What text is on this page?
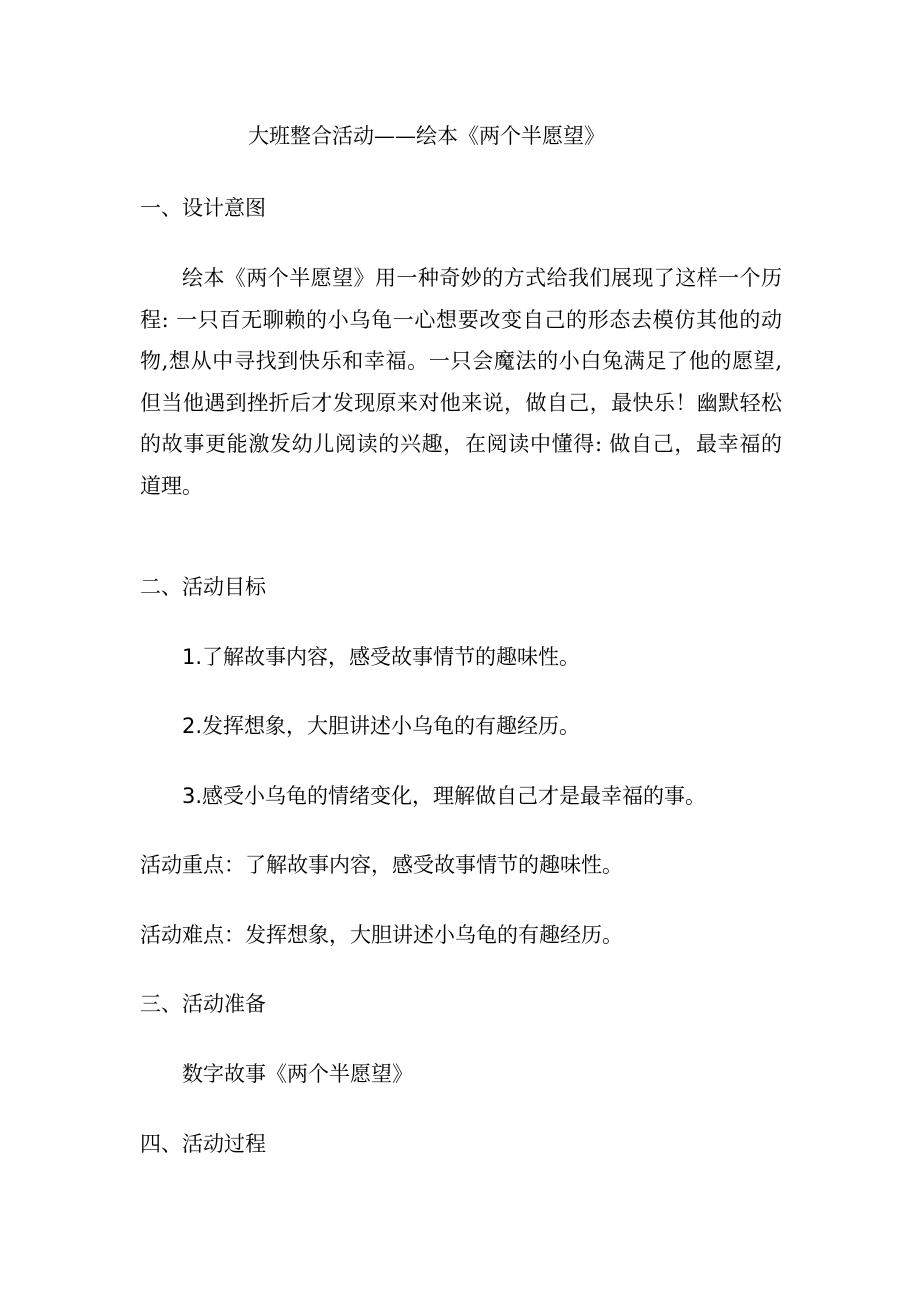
大班整合活动——绘本《两个半愿望》

一、设计意图

绘本《两个半愿望》用一种奇妙的方式给我们展现了这样一个历程: 一只百无聊赖的小乌龟一心想要改变自己的形态去模仿其他的动物,想从中寻找到快乐和幸福。一只会魔法的小白兔满足了他的愿望,但当他遇到挫折后才发现原来对他来说，做自己，最快乐！幽默轻松的故事更能激发幼儿阅读的兴趣，在阅读中懂得: 做自己，最幸福的道理。

二、活动目标

1.了解故事内容，感受故事情节的趣味性。

2.发挥想象，大胆讲述小乌龟的有趣经历。

3.感受小乌龟的情绪变化，理解做自己才是最幸福的事。

活动重点：了解故事内容，感受故事情节的趣味性。

活动难点：发挥想象，大胆讲述小乌龟的有趣经历。

三、活动准备

数字故事《两个半愿望》

四、活动过程
